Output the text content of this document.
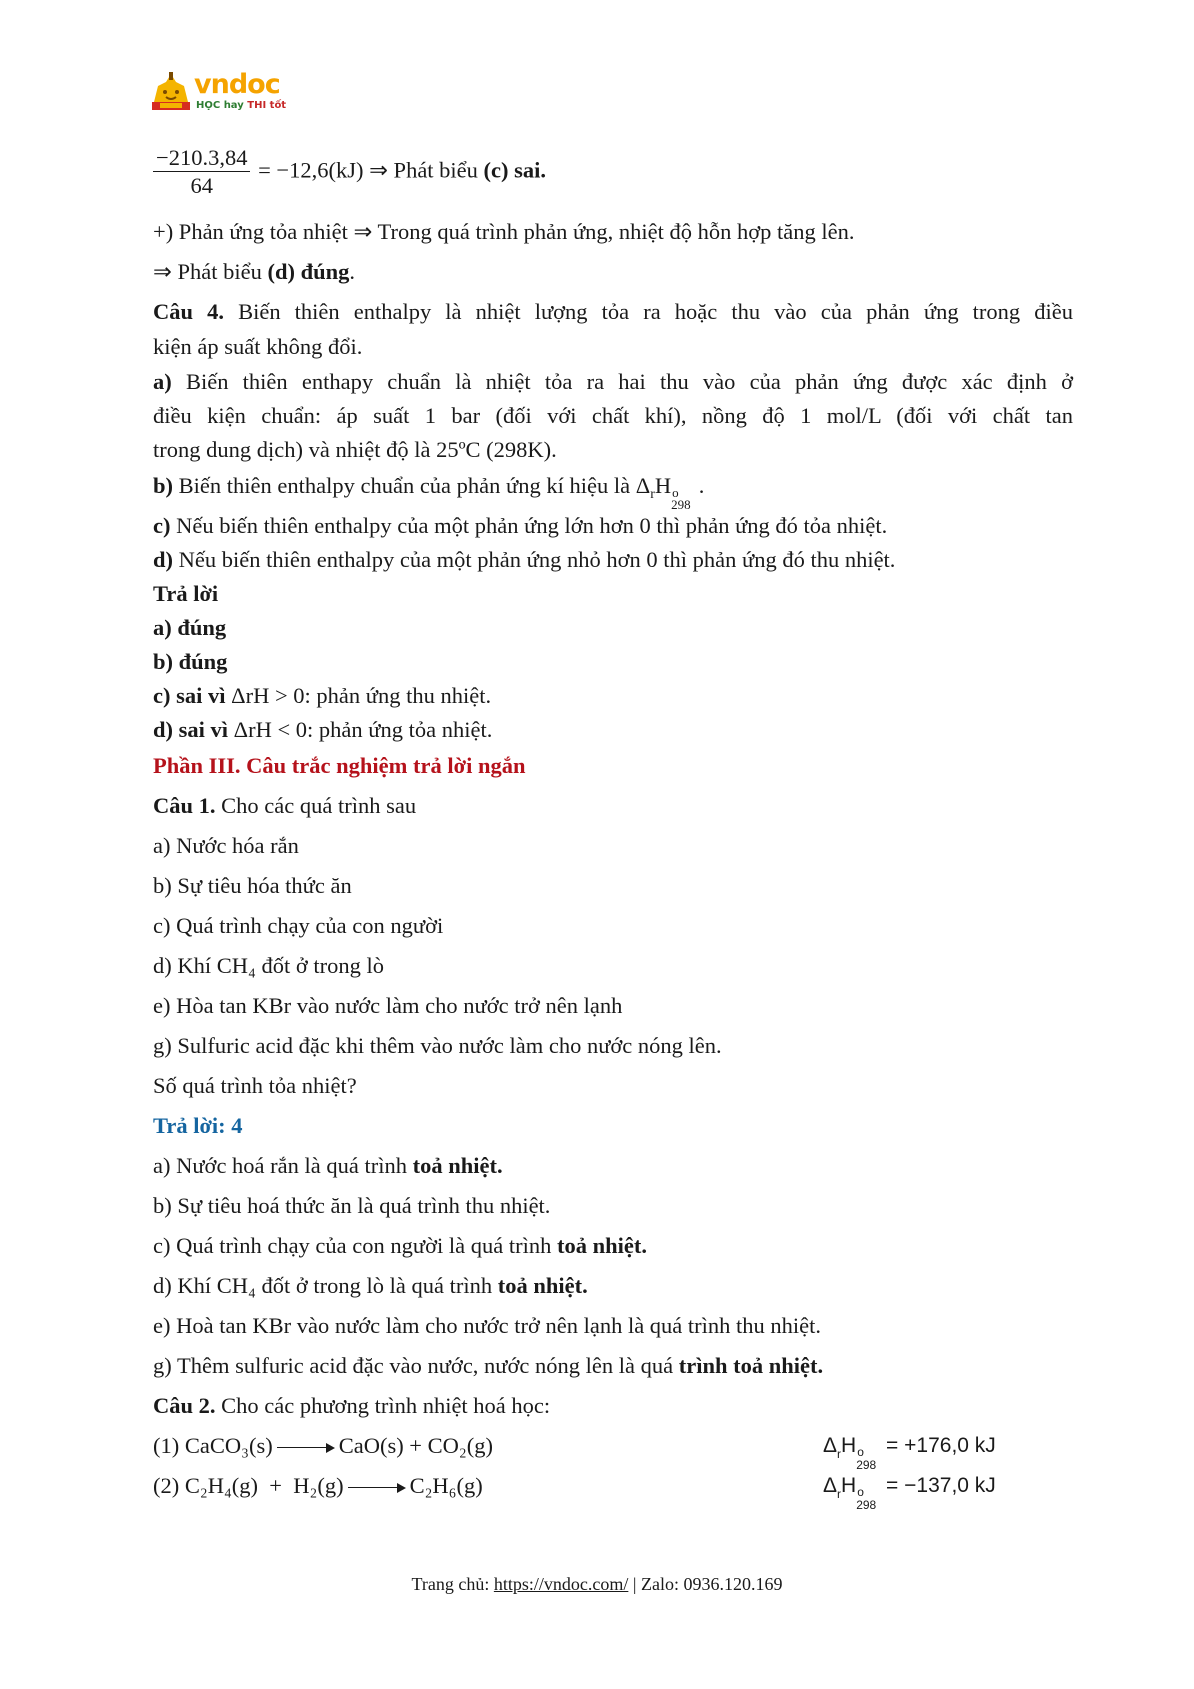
vndoc
HỌC hay THI tốt
$\frac{-210.3,84}{64} = -12,6(kJ)$ ⇒ Phát biểu (c) sai.
+) Phản ứng tỏa nhiệt ⇒ Trong quá trình phản ứng, nhiệt độ hỗn hợp tăng lên.
⇒ Phát biểu (d) đúng.
Câu 4. Biến thiên enthalpy là nhiệt lượng tỏa ra hoặc thu vào của phản ứng trong điều
kiện áp suất không đổi.
a) Biến thiên enthapy chuẩn là nhiệt tỏa ra hai thu vào của phản ứng được xác định ở
điều kiện chuẩn: áp suất 1 bar (đối với chất khí), nồng độ 1 mol/L (đối với chất tan
trong dung dịch) và nhiệt độ là 25ºC (298K).
b) Biến thiên enthalpy chuẩn của phản ứng kí hiệu là $\Delta_rH$ o
298
.
c) Nếu biến thiên enthalpy của một phản ứng lớn hơn 0 thì phản ứng đó tỏa nhiệt.
d) Nếu biến thiên enthalpy của một phản ứng nhỏ hơn 0 thì phản ứng đó thu nhiệt.
Trả lời
a) đúng
b) đúng
c) sai vì ΔrH > 0: phản ứng thu nhiệt.
d) sai vì ΔrH < 0: phản ứng tỏa nhiệt.
Phần III. Câu trắc nghiệm trả lời ngắn
Câu 1. Cho các quá trình sau
a) Nước hóa rắn
b) Sự tiêu hóa thức ăn
c) Quá trình chạy của con người
d) Khí CH₄ đốt ở trong lò
e) Hòa tan KBr vào nước làm cho nước trở nên lạnh
g) Sulfuric acid đặc khi thêm vào nước làm cho nước nóng lên.
Số quá trình tỏa nhiệt?
Trả lời: 4
a) Nước hoá rắn là quá trình toả nhiệt.
b) Sự tiêu hoá thức ăn là quá trình thu nhiệt.
c) Quá trình chạy của con người là quá trình toả nhiệt.
d) Khí CH₄ đốt ở trong lò là quá trình toả nhiệt.
e) Hoà tan KBr vào nước làm cho nước trở nên lạnh là quá trình thu nhiệt.
g) Thêm sulfuric acid đặc vào nước, nước nóng lên là quá trình toả nhiệt.
Câu 2. Cho các phương trình nhiệt hoá học:
(1) CaCO₃(s)	CaO(s) + CO₂(g)	$\Delta_rH$ o
298
= +176,0 kJ
(2) C₂H₄(g)  +  H₂(g)	C₂H₆(g)	$\Delta_rH$ o
298
= −137,0 kJ
Trang chủ: https://vndoc.com/ | Zalo: 0936.120.169
